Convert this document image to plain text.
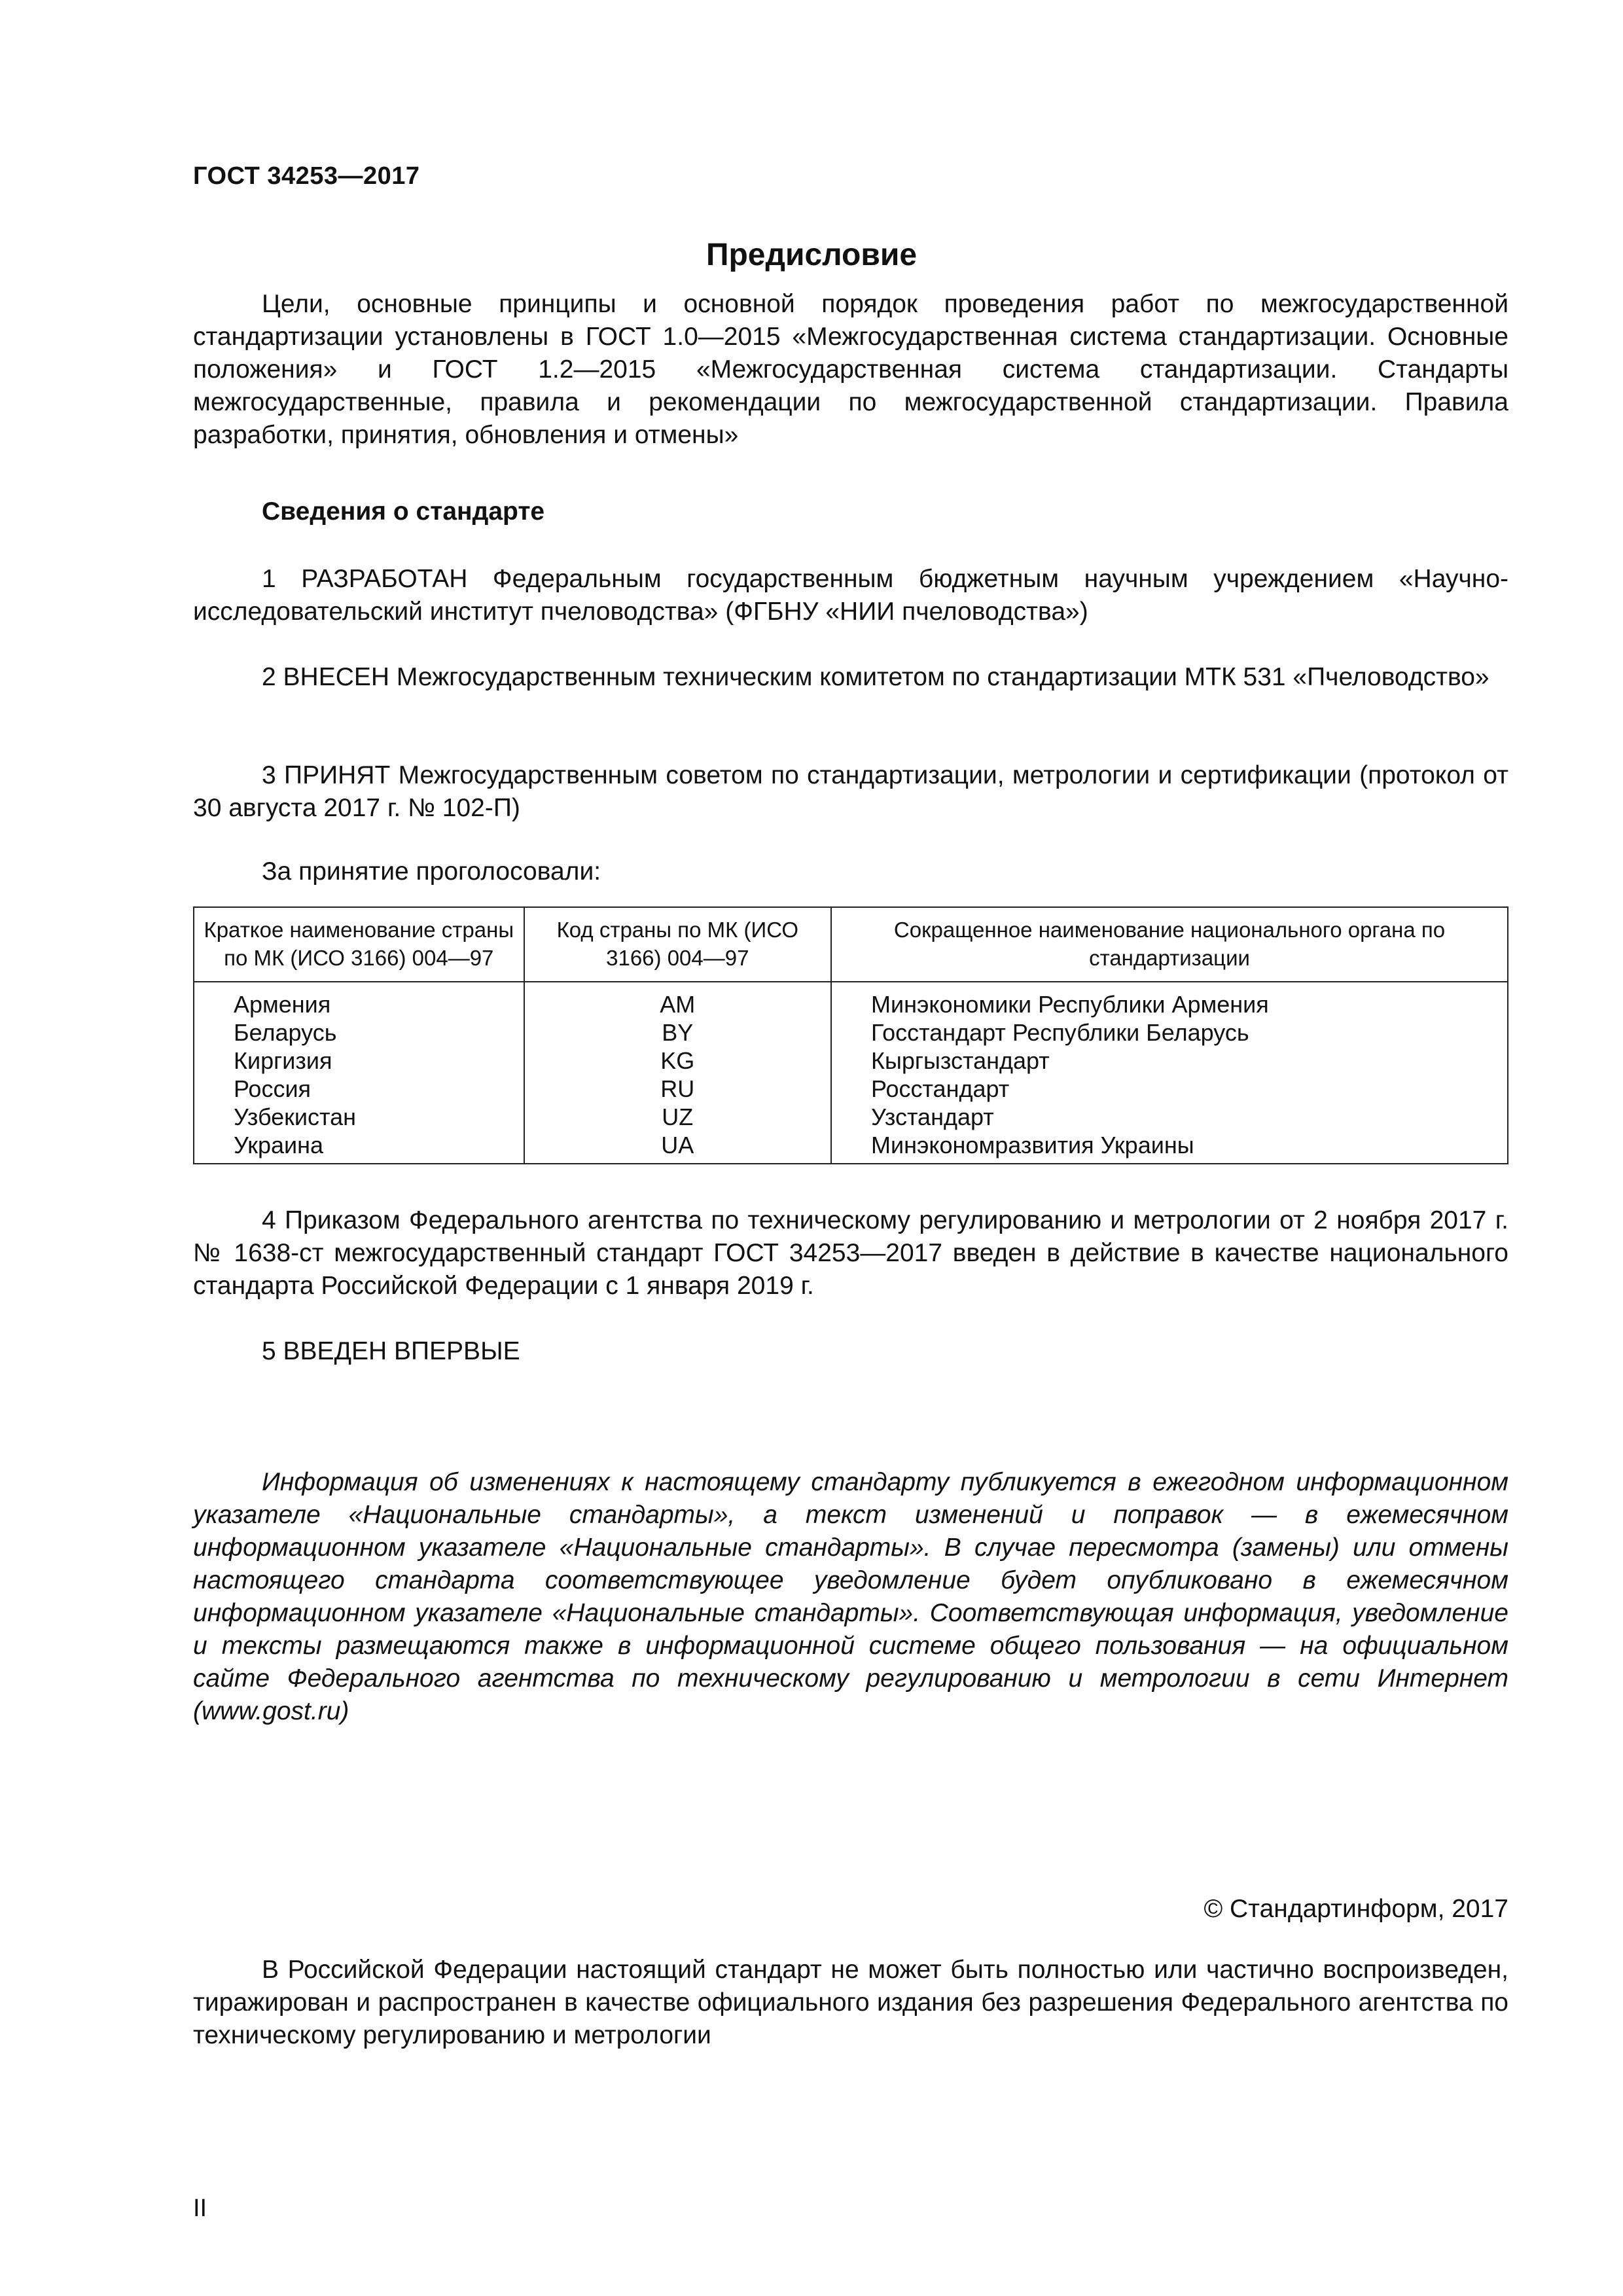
ГОСТ 34253—2017
Предисловие

Цели, основные принципы и основной порядок проведения работ по межгосударственной стандартизации установлены в ГОСТ 1.0—2015 «Межгосударственная система стандартизации. Основные положения» и ГОСТ 1.2—2015 «Межгосударственная система стандартизации. Стандарты межгосударственные, правила и рекомендации по межгосударственной стандартизации. Правила разработки, принятия, обновления и отмены»

Сведения о стандарте

1 РАЗРАБОТАН Федеральным государственным бюджетным научным учреждением «Научно-исследовательский институт пчеловодства» (ФГБНУ «НИИ пчеловодства»)

2 ВНЕСЕН Межгосударственным техническим комитетом по стандартизации МТК 531 «Пчеловодство»

3 ПРИНЯТ Межгосударственным советом по стандартизации, метрологии и сертификации (протокол от 30 августа 2017 г. № 102-П)

За принятие проголосовали:
Краткое наименование страны по МК (ИСО 3166) 004—97	Код страны по МК (ИСО 3166) 004—97	Сокращенное наименование национального органа по стандартизации
Армения	AM	Минэкономики Республики Армения
Беларусь	BY	Госстандарт Республики Беларусь
Киргизия	KG	Кыргызстандарт
Россия	RU	Росстандарт
Узбекистан	UZ	Узстандарт
Украина	UA	Минэкономразвития Украины

4 Приказом Федерального агентства по техническому регулированию и метрологии от 2 ноября 2017 г. № 1638-ст межгосударственный стандарт ГОСТ 34253—2017 введен в действие в качестве национального стандарта Российской Федерации с 1 января 2019 г.

5 ВВЕДЕН ВПЕРВЫЕ

Информация об изменениях к настоящему стандарту публикуется в ежегодном информационном указателе «Национальные стандарты», а текст изменений и поправок — в ежемесячном информационном указателе «Национальные стандарты». В случае пересмотра (замены) или отмены настоящего стандарта соответствующее уведомление будет опубликовано в ежемесячном информационном указателе «Национальные стандарты». Соответствующая информация, уведомление и тексты размещаются также в информационной системе общего пользования — на официальном сайте Федерального агентства по техническому регулированию и метрологии в сети Интернет (www.gost.ru)

© Стандартинформ, 2017

В Российской Федерации настоящий стандарт не может быть полностью или частично воспроизведен, тиражирован и распространен в качестве официального издания без разрешения Федерального агентства по техническому регулированию и метрологии

II
